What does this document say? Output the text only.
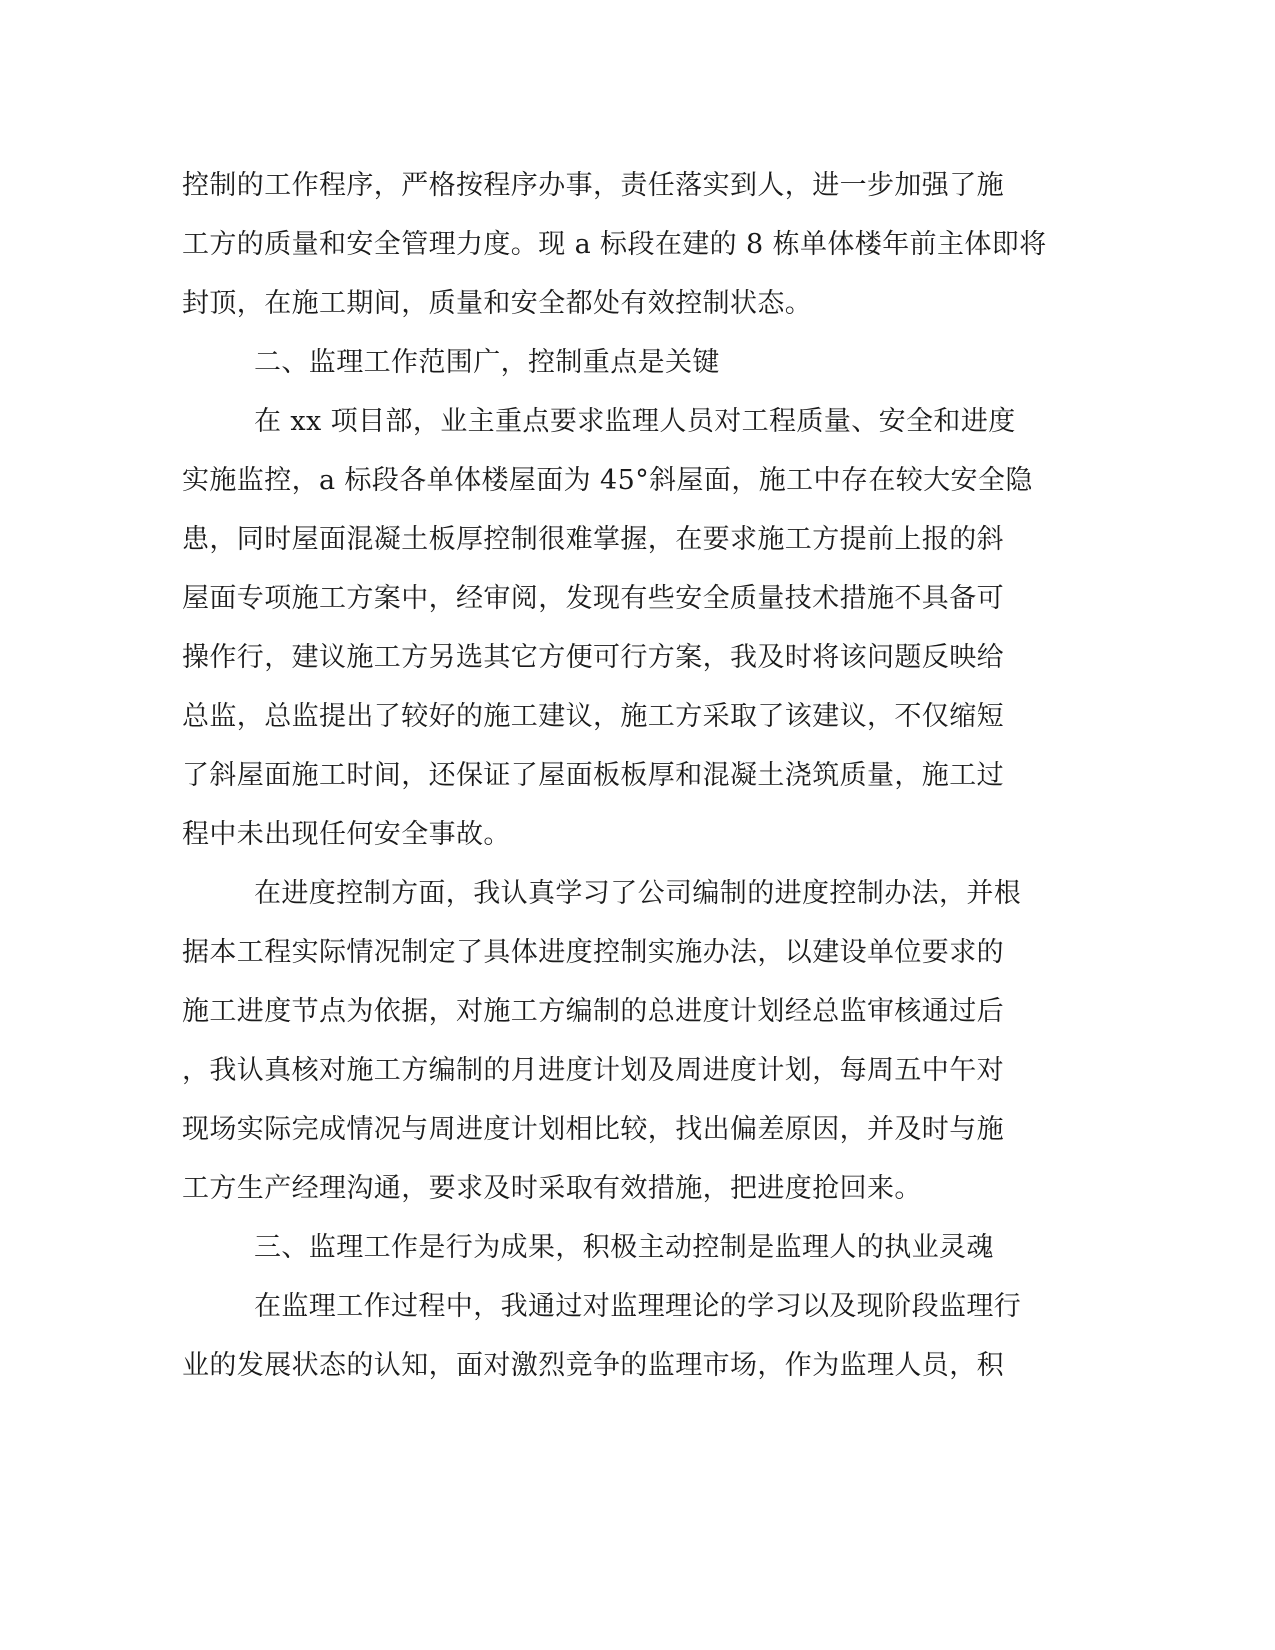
控制的工作程序，严格按程序办事，责任落实到人，进一步加强了施
工方的质量和安全管理力度。现 a 标段在建的 8 栋单体楼年前主体即将
封顶，在施工期间，质量和安全都处有效控制状态。
二、监理工作范围广，控制重点是关键
在 xx 项目部，业主重点要求监理人员对工程质量、安全和进度
实施监控，a 标段各单体楼屋面为 45°斜屋面，施工中存在较大安全隐
患，同时屋面混凝土板厚控制很难掌握，在要求施工方提前上报的斜
屋面专项施工方案中，经审阅，发现有些安全质量技术措施不具备可
操作行，建议施工方另选其它方便可行方案，我及时将该问题反映给
总监，总监提出了较好的施工建议，施工方采取了该建议，不仅缩短
了斜屋面施工时间，还保证了屋面板板厚和混凝土浇筑质量，施工过
程中未出现任何安全事故。
在进度控制方面，我认真学习了公司编制的进度控制办法，并根
据本工程实际情况制定了具体进度控制实施办法，以建设单位要求的
施工进度节点为依据，对施工方编制的总进度计划经总监审核通过后
，我认真核对施工方编制的月进度计划及周进度计划，每周五中午对
现场实际完成情况与周进度计划相比较，找出偏差原因，并及时与施
工方生产经理沟通，要求及时采取有效措施，把进度抢回来。
三、监理工作是行为成果，积极主动控制是监理人的执业灵魂
在监理工作过程中，我通过对监理理论的学习以及现阶段监理行
业的发展状态的认知，面对激烈竞争的监理市场，作为监理人员，积
